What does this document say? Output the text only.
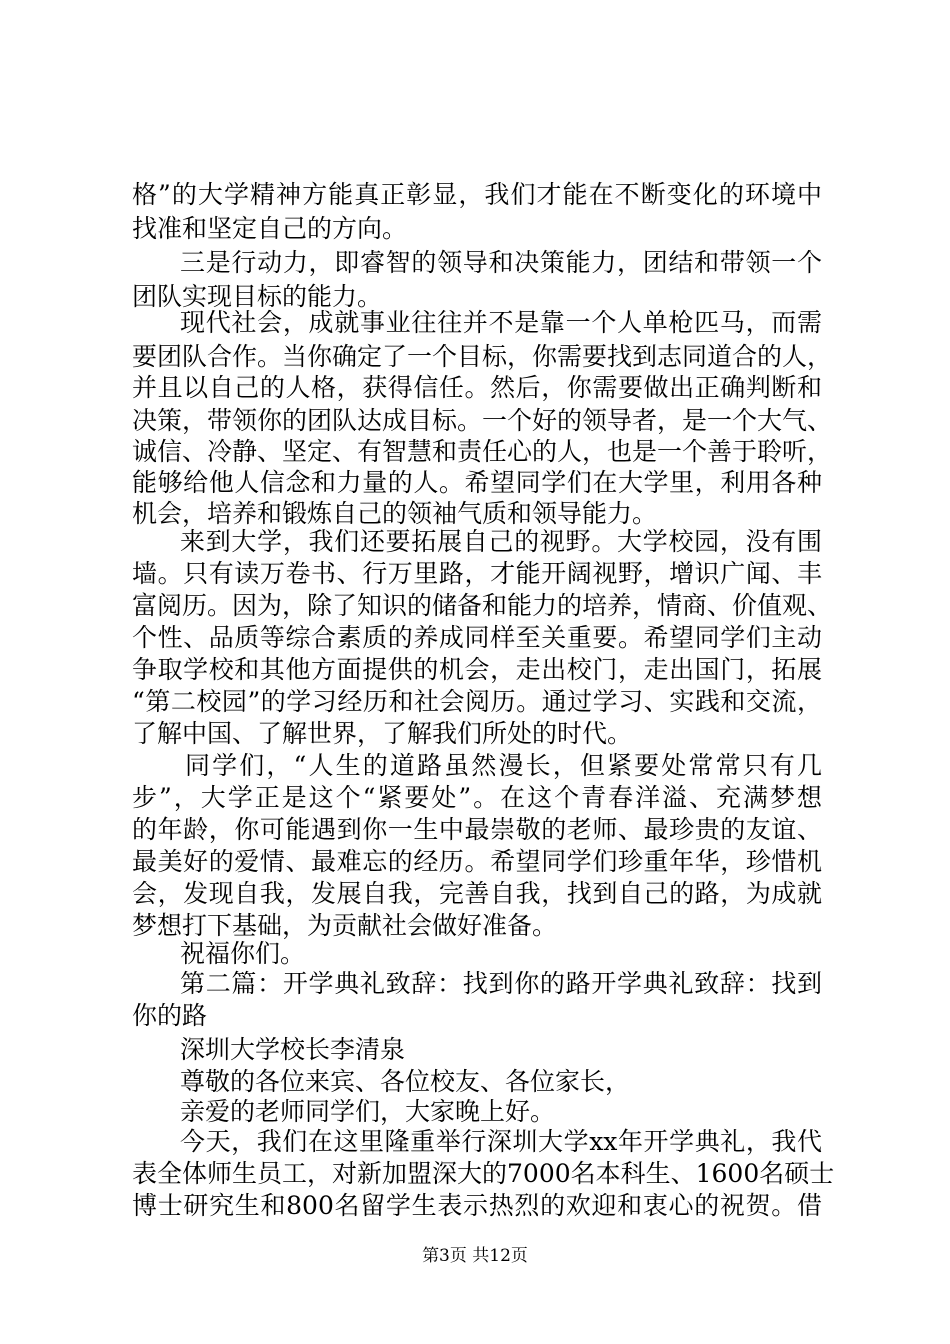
格”的大学精神方能真正彰显，我们才能在不断变化的环境中
找准和坚定自己的方向。
三是行动力，即睿智的领导和决策能力，团结和带领一个
团队实现目标的能力。
现代社会，成就事业往往并不是靠一个人单枪匹马，而需
要团队合作。当你确定了一个目标，你需要找到志同道合的人，
并且以自己的人格，获得信任。然后，你需要做出正确判断和
决策，带领你的团队达成目标。一个好的领导者，是一个大气、
诚信、冷静、坚定、有智慧和责任心的人，也是一个善于聆听，
能够给他人信念和力量的人。希望同学们在大学里，利用各种
机会，培养和锻炼自己的领袖气质和领导能力。
来到大学，我们还要拓展自己的视野。大学校园，没有围
墙。只有读万卷书、行万里路，才能开阔视野，增识广闻、丰
富阅历。因为，除了知识的储备和能力的培养，情商、价值观、
个性、品质等综合素质的养成同样至关重要。希望同学们主动
争取学校和其他方面提供的机会，走出校门，走出国门，拓展
“第二校园”的学习经历和社会阅历。通过学习、实践和交流，
了解中国、了解世界，了解我们所处的时代。
同学们，“人生的道路虽然漫长，但紧要处常常只有几
步”，大学正是这个“紧要处”。在这个青春洋溢、充满梦想
的年龄，你可能遇到你一生中最崇敬的老师、最珍贵的友谊、
最美好的爱情、最难忘的经历。希望同学们珍重年华，珍惜机
会，发现自我，发展自我，完善自我，找到自己的路，为成就
梦想打下基础，为贡献社会做好准备。
祝福你们。
第二篇：开学典礼致辞：找到你的路开学典礼致辞：找到
你的路
深圳大学校长李清泉
尊敬的各位来宾、各位校友、各位家长，
亲爱的老师同学们，大家晚上好。
今天，我们在这里隆重举行深圳大学xx年开学典礼，我代
表全体师生员工，对新加盟深大的7000名本科生、1600名硕士
博士研究生和800名留学生表示热烈的欢迎和衷心的祝贺。借
第3页 共12页
